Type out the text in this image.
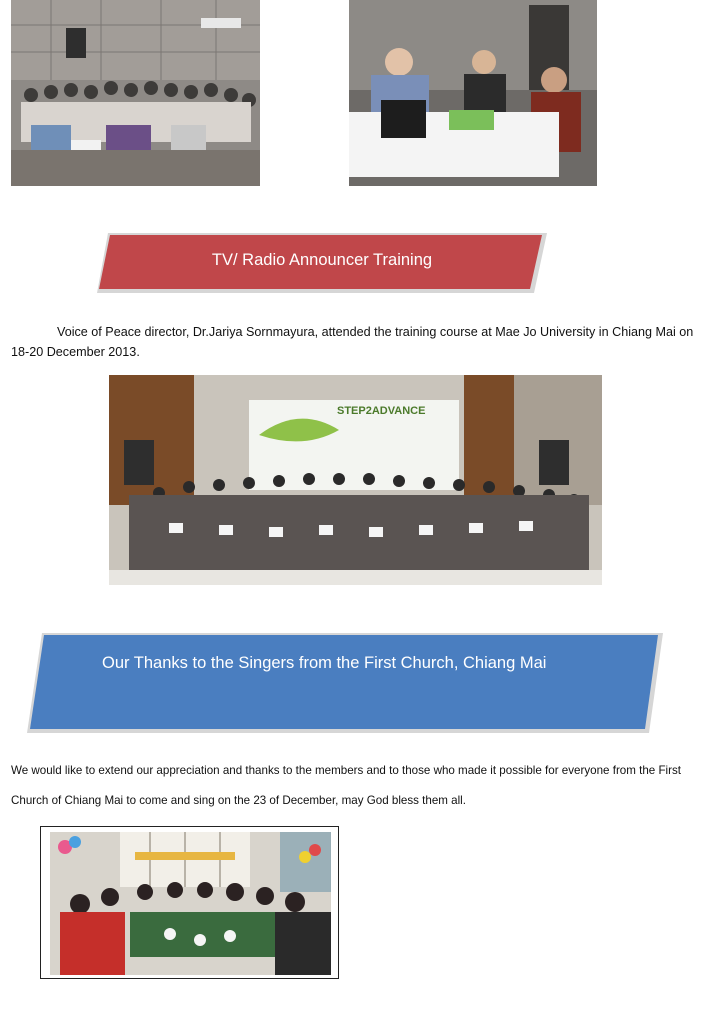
TV/ Radio Announcer Training
Voice of Peace director, Dr.Jariya Sornmayura, attended the training course at Mae Jo University in Chiang Mai on 18-20 December 2013.
STEP2ADVANCE
Our Thanks to the Singers from the First Church, Chiang Mai
We would like to extend our appreciation and thanks to the members and to those who made it possible for everyone from the First Church of Chiang Mai to come and sing on the 23 of December, may God bless them all.
